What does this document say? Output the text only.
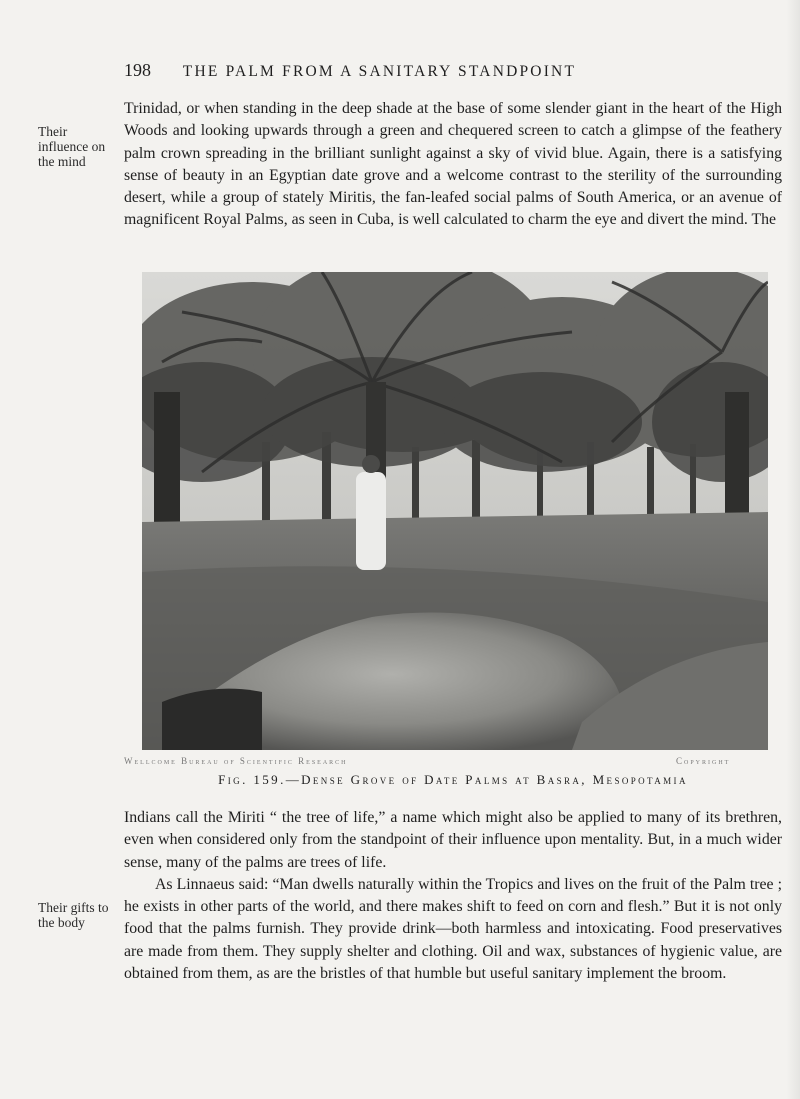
198 THE PALM FROM A SANITARY STANDPOINT
Their influence on the mind

Trinidad, or when standing in the deep shade at the base of some slender giant in the heart of the High Woods and looking upwards through a green and chequered screen to catch a glimpse of the feathery palm crown spreading in the brilliant sunlight against a sky of vivid blue. Again, there is a satisfying sense of beauty in an Egyptian date grove and a welcome contrast to the sterility of the surrounding desert, while a group of stately Miritis, the fan-leafed social palms of South America, or an avenue of magnificent Royal Palms, as seen in Cuba, is well calculated to charm the eye and divert the mind. The

Wellcome Bureau of Scientific Research	Copyright
Fig. 159.—Dense Grove of Date Palms at Basra, Mesopotamia

Indians call the Miriti “ the tree of life,” a name which might also be applied to many of its brethren, even when considered only from the standpoint of their influence upon mentality. But, in a much wider sense, many of the palms are trees of life.

As Linnaeus said: “Man dwells naturally within the Tropics and lives on the fruit of the Palm tree ; he exists in other parts of the world, and there makes shift to feed on corn and flesh.” But it is not only food that the palms furnish. They provide drink—both harmless and intoxicating. Food preservatives are made from them. They supply shelter and clothing. Oil and wax, substances of hygienic value, are obtained from them, as are the bristles of that humble but useful sanitary implement the broom.

Their gifts to the body
